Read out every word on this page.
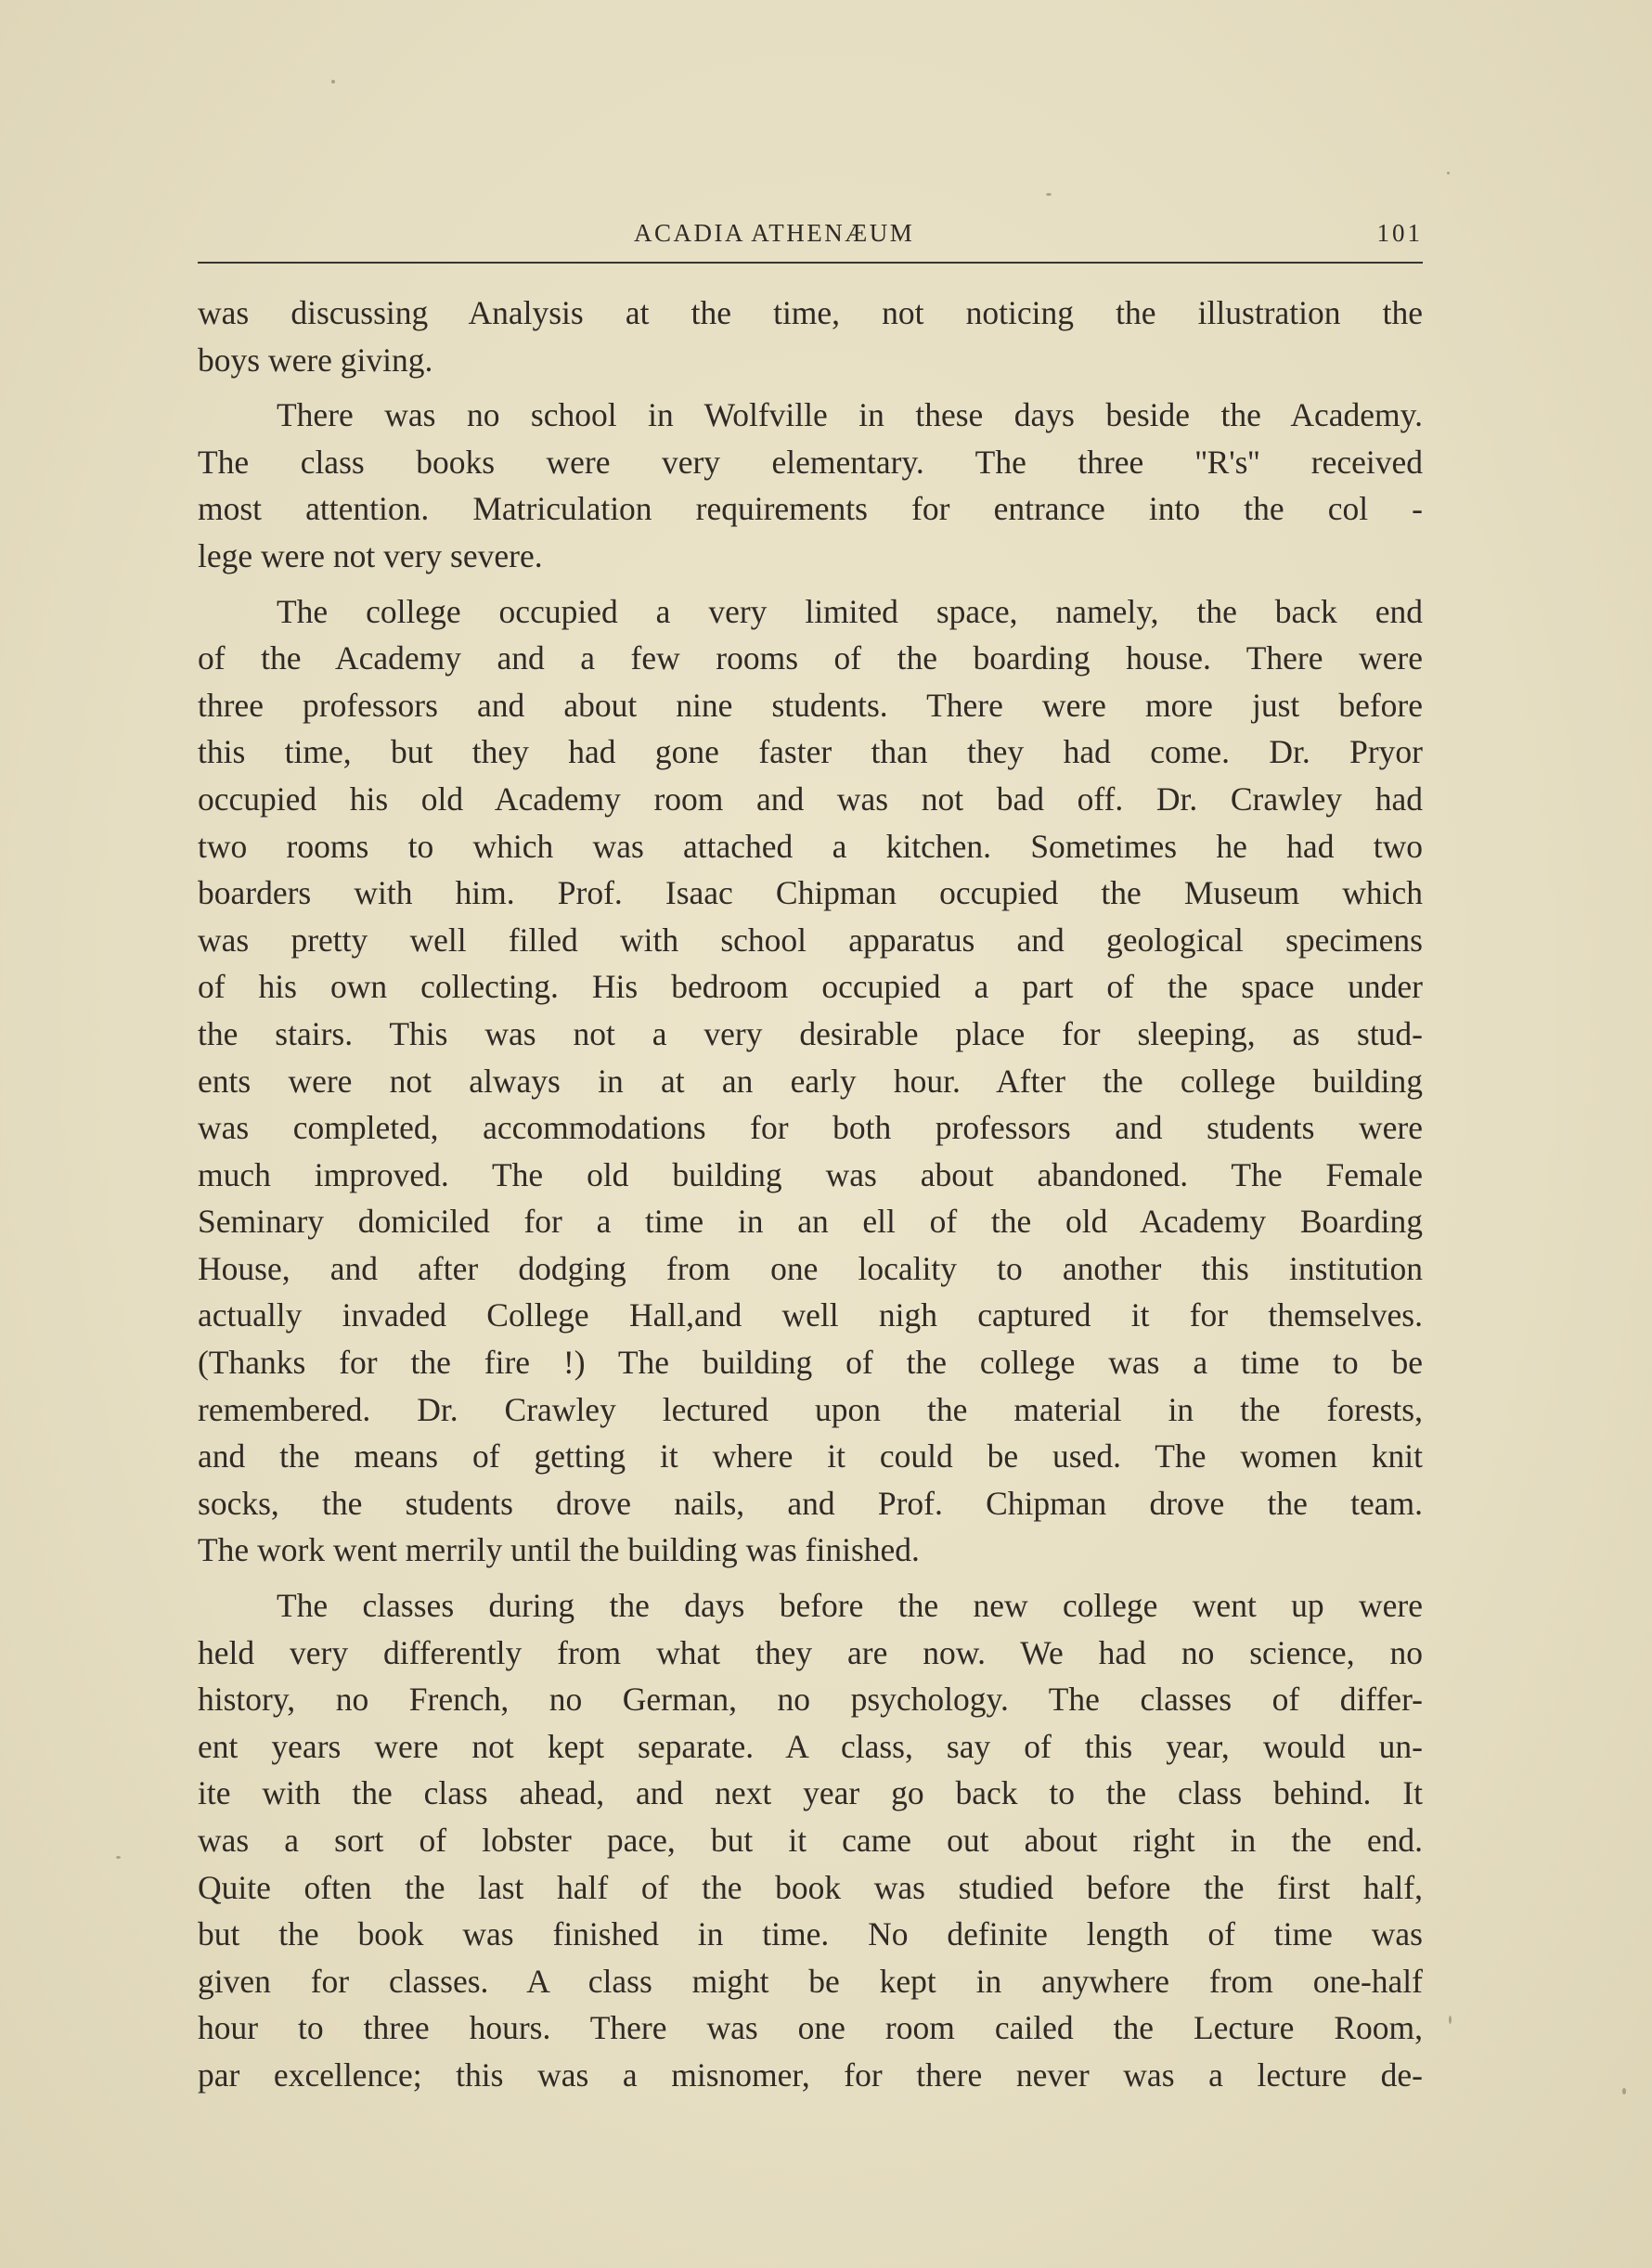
ACADIA ATHENÆUM	101
was discussing Analysis at the time, not noticing the illustration the
boys were giving.
There was no school in Wolfville in these days beside the Academy.
The class books were very elementary. The three ''R's'' received
most attention. Matriculation requirements for entrance into the col -
lege were not very severe.
The college occupied a very limited space, namely, the back end
of the Academy and a few rooms of the boarding house. There were
three professors and about nine students. There were more just before
this time, but they had gone faster than they had come. Dr. Pryor
occupied his old Academy room and was not bad off. Dr. Crawley had
two rooms to which was attached a kitchen. Sometimes he had two
boarders with him. Prof. Isaac Chipman occupied the Museum which
was pretty well filled with school apparatus and geological specimens
of his own collecting. His bedroom occupied a part of the space under
the stairs. This was not a very desirable place for sleeping, as stud-
ents were not always in at an early hour. After the college building
was completed, accommodations for both professors and students were
much improved. The old building was about abandoned. The Female
Seminary domiciled for a time in an ell of the old Academy Boarding
House, and after dodging from one locality to another this institution
actually invaded College Hall,and well nigh captured it for themselves.
(Thanks for the fire !) The building of the college was a time to be
remembered. Dr. Crawley lectured upon the material in the forests,
and the means of getting it where it could be used. The women knit
socks, the students drove nails, and Prof. Chipman drove the team.
The work went merrily until the building was finished.
The classes during the days before the new college went up were
held very differently from what they are now. We had no science, no
history, no French, no German, no psychology. The classes of differ-
ent years were not kept separate. A class, say of this year, would un-
ite with the class ahead, and next year go back to the class behind. It
was a sort of lobster pace, but it came out about right in the end.
Quite often the last half of the book was studied before the first half,
but the book was finished in time. No definite length of time was
given for classes. A class might be kept in anywhere from one-half
hour to three hours. There was one room cailed the Lecture Room,
par excellence; this was a misnomer, for there never was a lecture de-
